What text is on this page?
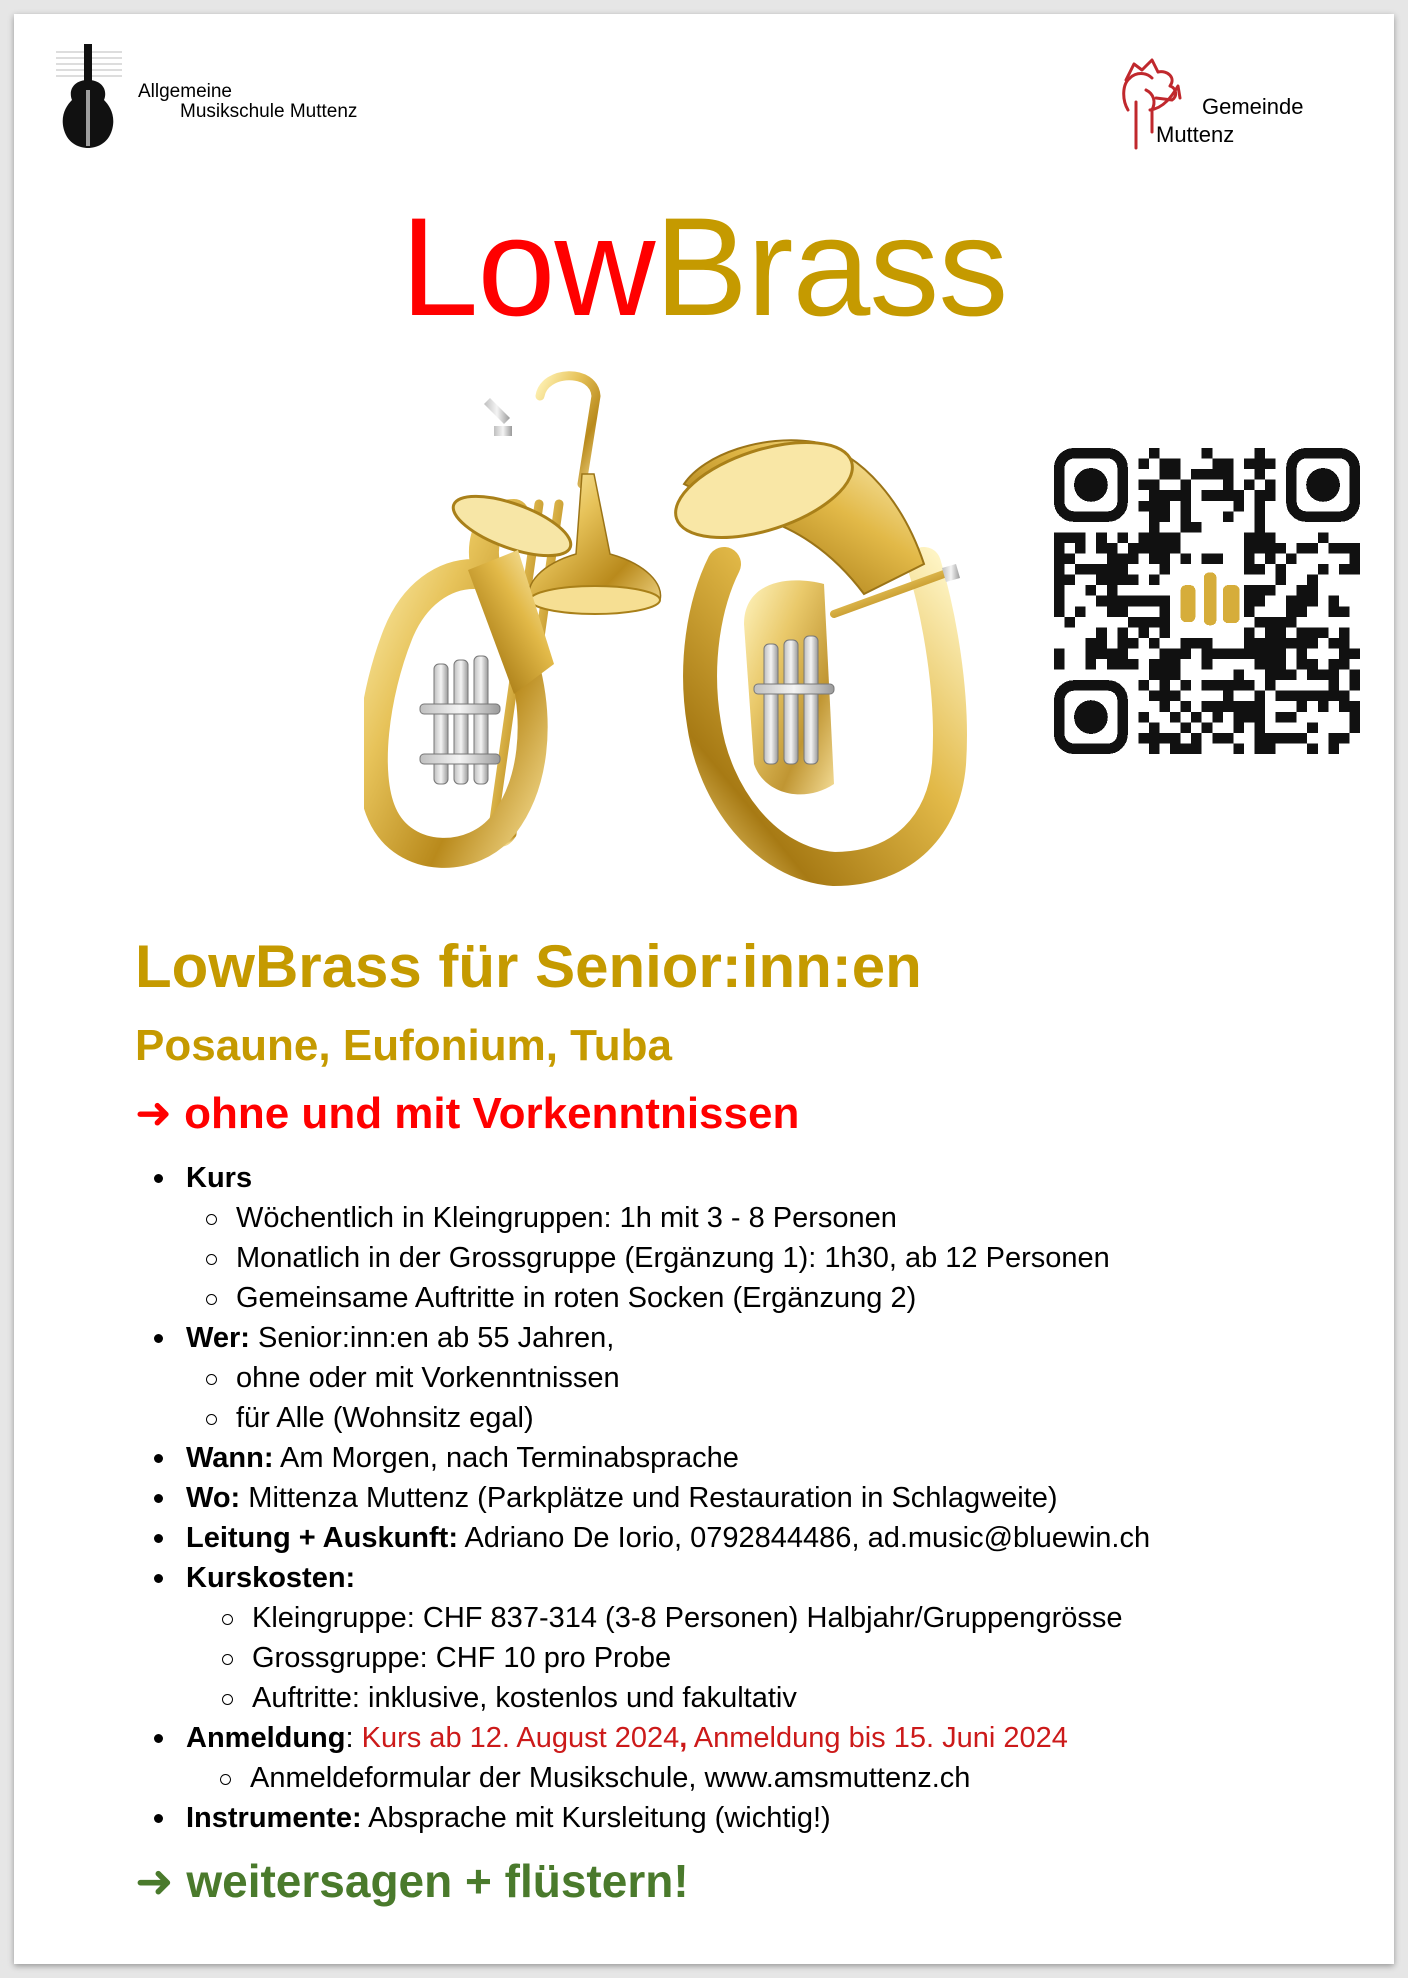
Allgemeine
Musikschule Muttenz	Gemeinde
Muttenz
LowBrass
LowBrass für Senior:inn:en
Posaune, Eufonium, Tuba
➜ ohne und mit Vorkenntnissen
Kurs
Wöchentlich in Kleingruppen: 1h mit 3 - 8 Personen
Monatlich in der Grossgruppe (Ergänzung 1): 1h30, ab 12 Personen
Gemeinsame Auftritte in roten Socken (Ergänzung 2)
Wer: Senior:inn:en ab 55 Jahren,
ohne oder mit Vorkenntnissen
für Alle (Wohnsitz egal)
Wann: Am Morgen, nach Terminabsprache
Wo: Mittenza Muttenz (Parkplätze und Restauration in Schlagweite)
Leitung + Auskunft: Adriano De Iorio, 0792844486, ad.music@bluewin.ch
Kurskosten:
Kleingruppe: CHF 837-314 (3-8 Personen) Halbjahr/Gruppengrösse
Grossgruppe: CHF 10 pro Probe
Auftritte: inklusive, kostenlos und fakultativ
Anmeldung: Kurs ab 12. August 2024, Anmeldung bis 15. Juni 2024
Anmeldeformular der Musikschule, www.amsmuttenz.ch
Instrumente: Absprache mit Kursleitung (wichtig!)
➜ weitersagen + flüstern!
